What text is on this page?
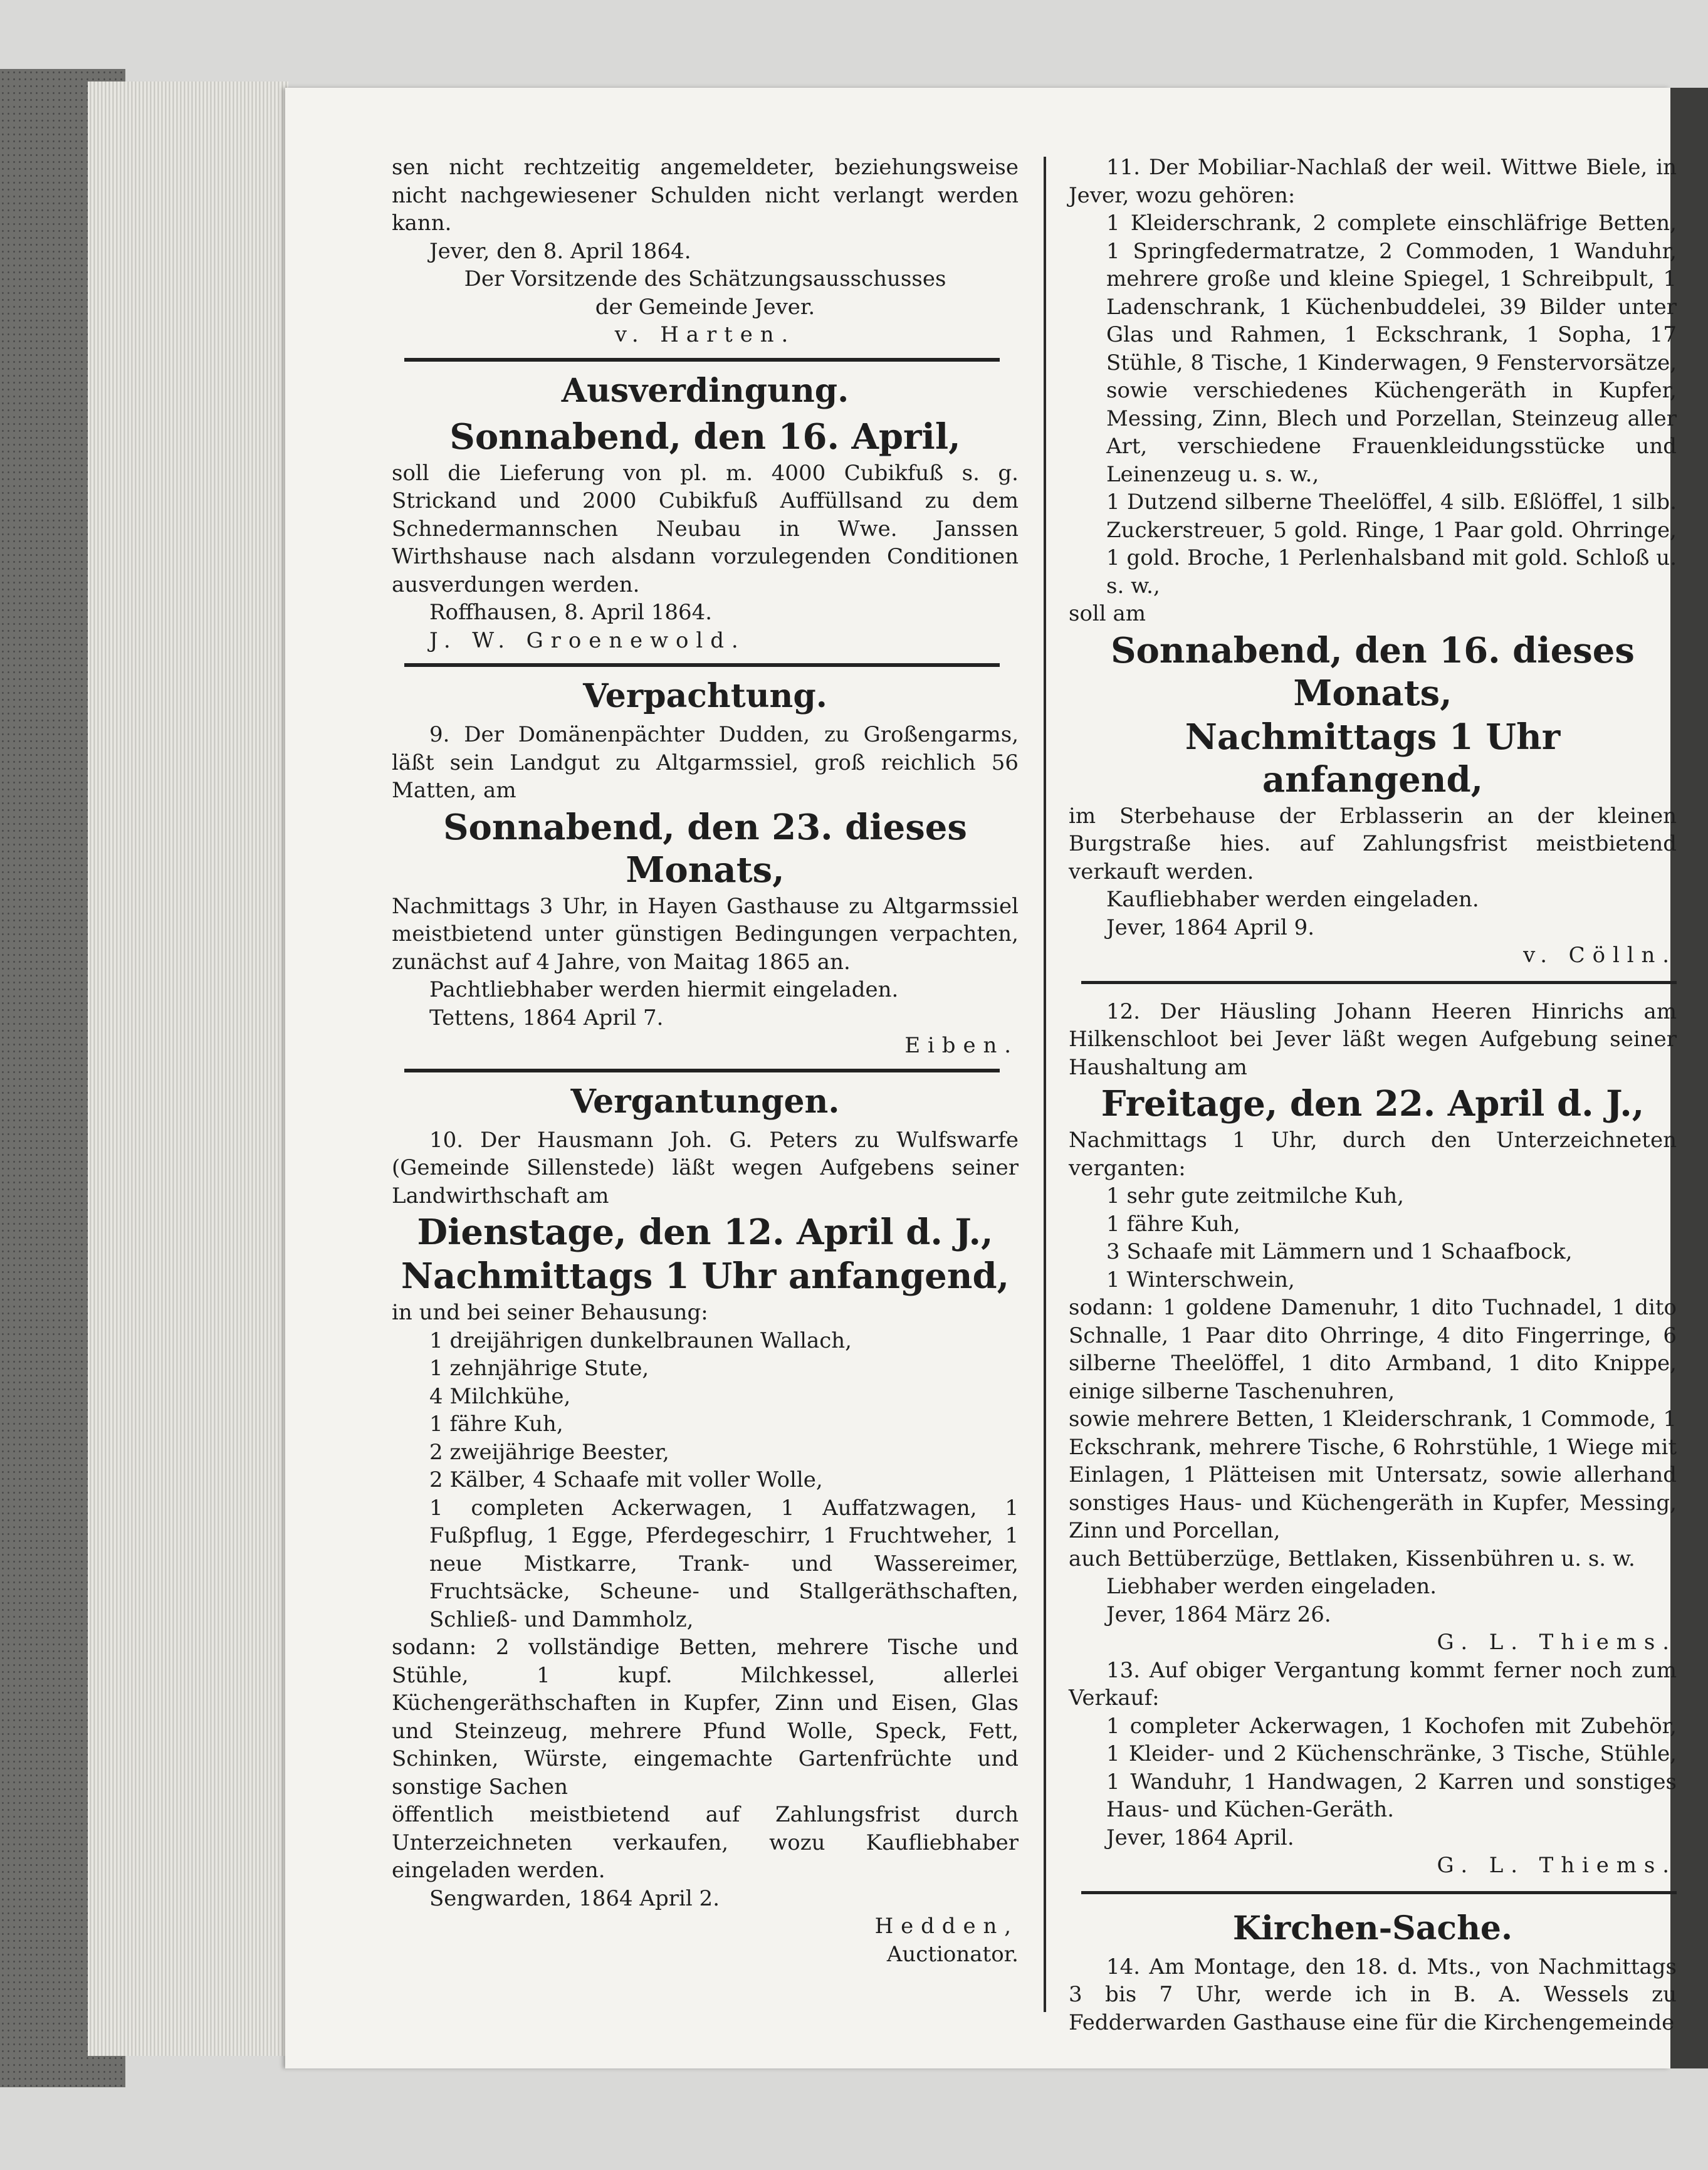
sen nicht rechtzeitig angemeldeter, beziehungsweise nicht nachgewiesener Schulden nicht verlangt werden kann.

Jever, den 8. April 1864.

Der Vorsitzende des Schätzungsausschusses

der Gemeinde Jever.

v. Harten.

Ausverdingung.
Sonnabend, den 16. April,

soll die Lieferung von pl. m. 4000 Cubikfuß s. g. Strickand und 2000 Cubikfuß Auffüllsand zu dem Schnedermannschen Neubau in Wwe. Janssen Wirthshause nach alsdann vorzulegenden Conditionen ausverdungen werden.

Roffhausen, 8. April 1864.

J. W. Groenewold.

Verpachtung.

9. Der Domänenpächter Dudden, zu Großengarms, läßt sein Landgut zu Altgarmssiel, groß reichlich 56 Matten, am

Sonnabend, den 23. dieses Monats,

Nachmittags 3 Uhr, in Hayen Gasthause zu Altgarmssiel meistbietend unter günstigen Bedingungen verpachten, zunächst auf 4 Jahre, von Maitag 1865 an.

Pachtliebhaber werden hiermit eingeladen.

Tettens, 1864 April 7.

Eiben.

Vergantungen.

10. Der Hausmann Joh. G. Peters zu Wulfswarfe (Gemeinde Sillenstede) läßt wegen Aufgebens seiner Landwirthschaft am

Dienstage, den 12. April d. J.,
Nachmittags 1 Uhr anfangend,

in und bei seiner Behausung:

1 dreijährigen dunkelbraunen Wallach,

1 zehnjährige Stute,

4 Milchkühe,

1 fähre Kuh,

2 zweijährige Beester,

2 Kälber, 4 Schaafe mit voller Wolle,

1 completen Ackerwagen, 1 Auffatzwagen, 1 Fußpflug, 1 Egge, Pferdegeschirr, 1 Fruchtweher, 1 neue Mistkarre, Trank- und Wassereimer, Fruchtsäcke, Scheune- und Stallgeräthschaften, Schließ- und Dammholz,

sodann: 2 vollständige Betten, mehrere Tische und Stühle, 1 kupf. Milchkessel, allerlei Küchengeräthschaften in Kupfer, Zinn und Eisen, Glas und Steinzeug, mehrere Pfund Wolle, Speck, Fett, Schinken, Würste, eingemachte Gartenfrüchte und sonstige Sachen

öffentlich meistbietend auf Zahlungsfrist durch Unterzeichneten verkaufen, wozu Kaufliebhaber eingeladen werden.

Sengwarden, 1864 April 2.

Hedden,

Auctionator.

11. Der Mobiliar-Nachlaß der weil. Wittwe Biele, in Jever, wozu gehören:

1 Kleiderschrank, 2 complete einschläfrige Betten, 1 Springfedermatratze, 2 Commoden, 1 Wanduhr, mehrere große und kleine Spiegel, 1 Schreibpult, 1 Ladenschrank, 1 Küchenbuddelei, 39 Bilder unter Glas und Rahmen, 1 Eckschrank, 1 Sopha, 17 Stühle, 8 Tische, 1 Kinderwagen, 9 Fenstervorsätze, sowie verschiedenes Küchengeräth in Kupfer, Messing, Zinn, Blech und Porzellan, Steinzeug aller Art, verschiedene Frauenkleidungsstücke und Leinenzeug u. s. w.,

1 Dutzend silberne Theelöffel, 4 silb. Eßlöffel, 1 silb. Zuckerstreuer, 5 gold. Ringe, 1 Paar gold. Ohrringe, 1 gold. Broche, 1 Perlenhalsband mit gold. Schloß u. s. w.,

soll am

Sonnabend, den 16. dieses Monats,
Nachmittags 1 Uhr anfangend,

im Sterbehause der Erblasserin an der kleinen Burgstraße hies. auf Zahlungsfrist meistbietend verkauft werden.

Kaufliebhaber werden eingeladen.

Jever, 1864 April 9.

v. Cölln.

12. Der Häusling Johann Heeren Hinrichs am Hilkenschloot bei Jever läßt wegen Aufgebung seiner Haushaltung am

Freitage, den 22. April d. J.,

Nachmittags 1 Uhr, durch den Unterzeichneten verganten:

1 sehr gute zeitmilche Kuh,

1 fähre Kuh,

3 Schaafe mit Lämmern und 1 Schaafbock,

1 Winterschwein,

sodann: 1 goldene Damenuhr, 1 dito Tuchnadel, 1 dito Schnalle, 1 Paar dito Ohrringe, 4 dito Fingerringe, 6 silberne Theelöffel, 1 dito Armband, 1 dito Knippe, einige silberne Taschenuhren,

sowie mehrere Betten, 1 Kleiderschrank, 1 Commode, 1 Eckschrank, mehrere Tische, 6 Rohrstühle, 1 Wiege mit Einlagen, 1 Plätteisen mit Untersatz, sowie allerhand sonstiges Haus- und Küchengeräth in Kupfer, Messing, Zinn und Porcellan,

auch Bettüberzüge, Bettlaken, Kissenbühren u. s. w.

Liebhaber werden eingeladen.

Jever, 1864 März 26.

G. L. Thiems.

13. Auf obiger Vergantung kommt ferner noch zum Verkauf:

1 completer Ackerwagen, 1 Kochofen mit Zubehör, 1 Kleider- und 2 Küchenschränke, 3 Tische, Stühle, 1 Wanduhr, 1 Handwagen, 2 Karren und sonstiges Haus- und Küchen-Geräth.

Jever, 1864 April.

G. L. Thiems.

Kirchen-Sache.

14. Am Montage, den 18. d. Mts., von Nachmittags 3 bis 7 Uhr, werde ich in B. A. Wessels zu Fedderwarden Gasthause eine für die Kirchengemeinde
